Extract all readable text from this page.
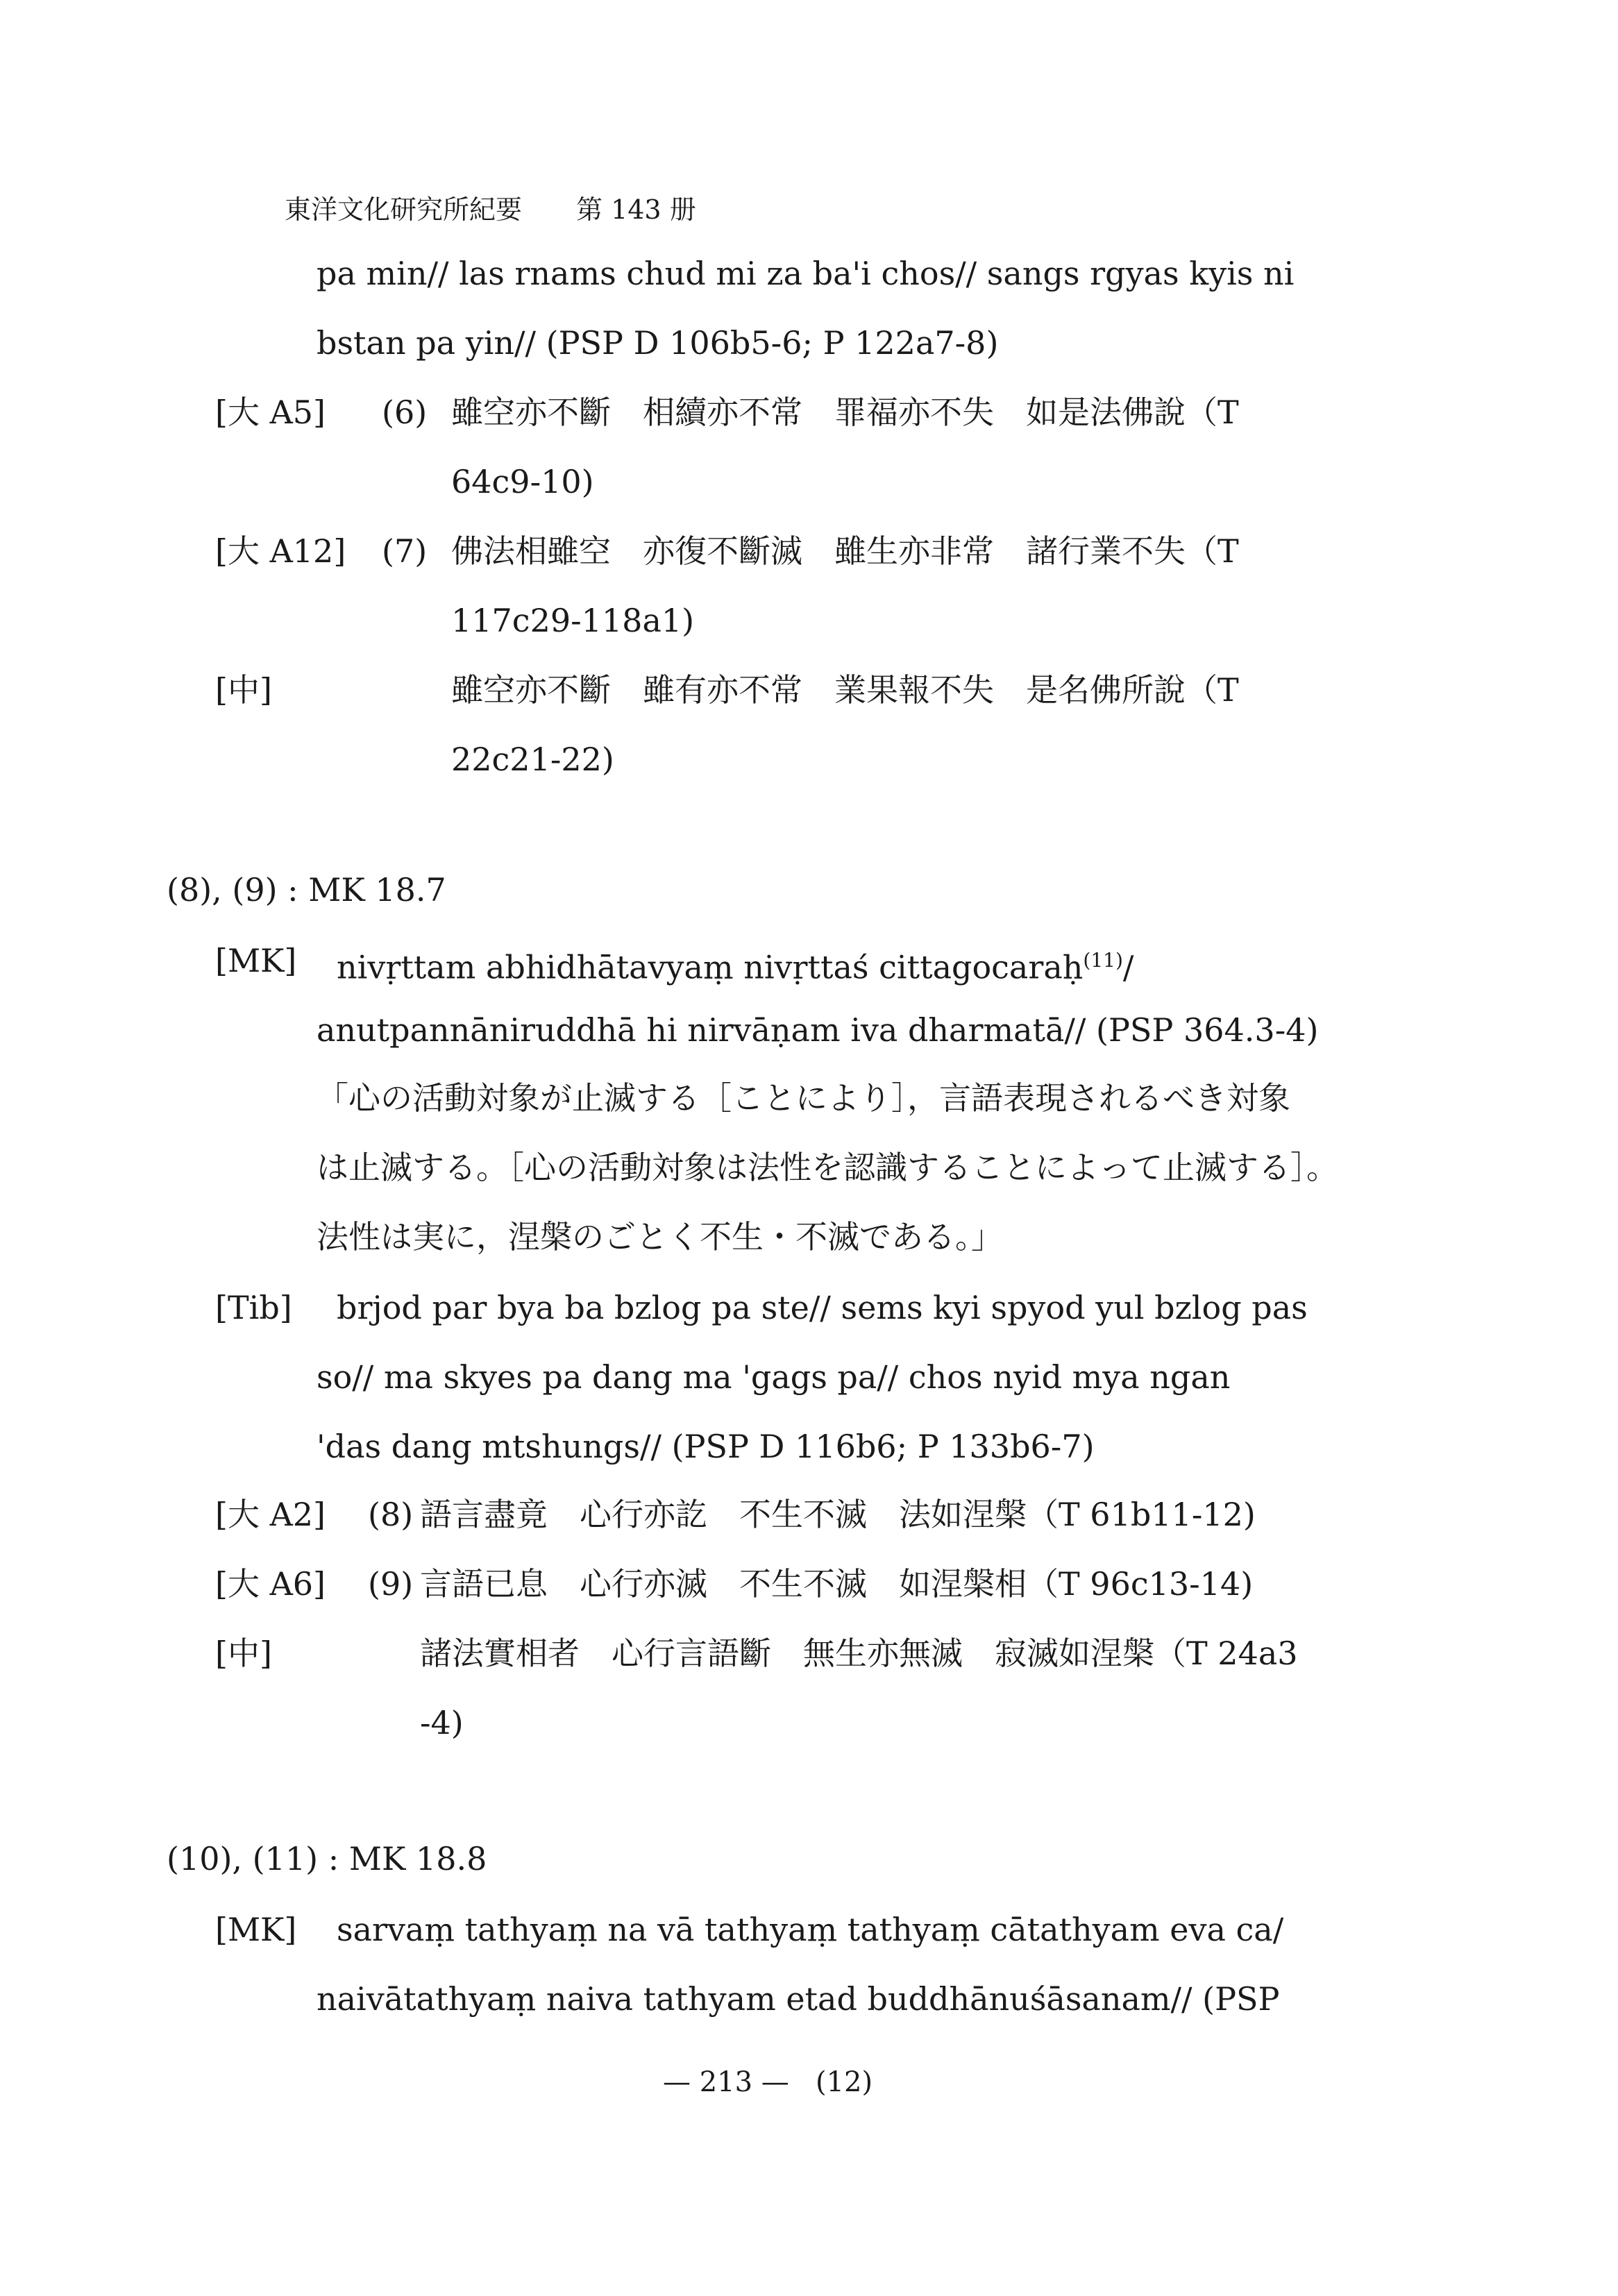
東洋文化研究所紀要 第 143 册
pa min// las rnams chud mi za ba'i chos// sangs rgyas kyis ni
bstan pa yin// (PSP D 106b5-6; P 122a7-8)
[大 A5] (6) 雖空亦不斷　相續亦不常　罪福亦不失　如是法佛說（T
64c9-10)
[大 A12] (7) 佛法相雖空　亦復不斷滅　雖生亦非常　諸行業不失（T
117c29-118a1)
[中]	雖空亦不斷　雖有亦不常　業果報不失　是名佛所說（T
22c21-22)
(8), (9) : MK 18.7
[MK] nivṛttam abhidhātavyaṃ nivṛttaś cittagocaraḥ$^{(11)}$/
anutpannāniruddhā hi nirvāṇam iva dharmatā// (PSP 364.3-4)
「心の活動対象が止滅する［ことにより］，言語表現されるべき対象
は止滅する。［心の活動対象は法性を認識することによって止滅する］。
法性は実に，涅槃のごとく不生・不滅である。」
[Tib] brjod par bya ba bzlog pa ste// sems kyi spyod yul bzlog pas
so// ma skyes pa dang ma 'gags pa// chos nyid mya ngan
'das dang mtshungs// (PSP D 116b6; P 133b6-7)
[大 A2] (8) 語言盡竟　心行亦訖　不生不滅　法如涅槃（T 61b11-12)
[大 A6] (9) 言語已息　心行亦滅　不生不滅　如涅槃相（T 96c13-14)
[中]	諸法實相者　心行言語斷　無生亦無滅　寂滅如涅槃（T 24a3
-4)
(10), (11) : MK 18.8
[MK] sarvaṃ tathyaṃ na vā tathyaṃ tathyaṃ cātathyam eva ca/
naivātathyaṃ naiva tathyam etad buddhānuśāsanam// (PSP
— 213 — (12)
